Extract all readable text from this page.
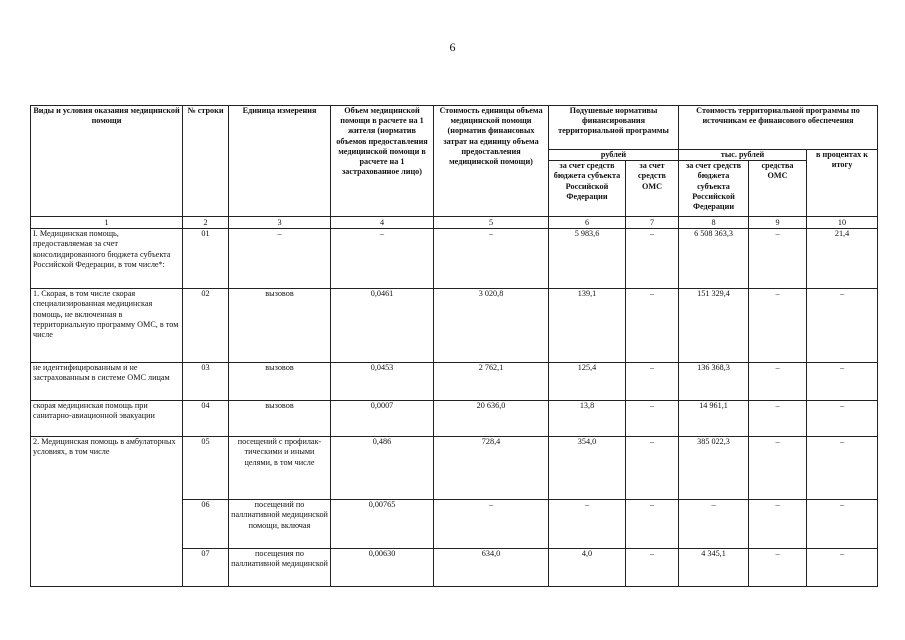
6
Виды и условия оказания медицинской помощи	№ строки	Единица измерения	Объем медицинской помощи в расчете на 1 жителя (норматив объемов предоставления медицинской помощи в расчете на 1 застрахованное лицо)	Стоимость единицы объема медицинской помощи (норматив финансовых затрат на единицу объема предоставления медицинской помощи)	Подушевые нормативы финансирования территориальной программы		Стоимость территориальной программы по источникам ее финансового обеспечения		
					рублей		тыс. рублей		в процентах к итогу
					за счет средств бюджета субъекта Российской Федерации	за счет средств ОМС	за счет средств бюджета субъекта Российской Федерации	средства ОМС	
1	2	3	4	5	6	7	8	9	10
I. Медицинская помощь, предоставляемая за счет консолидированного бюджета субъекта Российской Федерации, в том числе*:	01	–	–	–	5 983,6	–	6 508 363,3	–	21,4
1. Скорая, в том числе скорая специализированная медицинская помощь, не включенная в территориальную программу ОМС, в том числе	02	вызовов	0,0461	3 020,8	139,1	–	151 329,4	–	–
не идентифицированным и не застрахованным в системе ОМС лицам	03	вызовов	0,0453	2 762,1	125,4	–	136 368,3	–	–
скорая медицинская помощь при санитарно-авиационной эвакуации	04	вызовов	0,0007	20 636,0	13,8	–	14 961,1	–	–
2. Медицинская помощь в амбулаторных условиях, в том числе	05	посещений с профилак-тическими и иными целями, в том числе	0,486	728,4	354,0	–	385 022,3	–	–
	06	посещений по паллиативной медицинской помощи, включая	0,00765	–	–	–	–	–	–
	07	посещения по паллиативной медицинской	0,00630	634,0	4,0	–	4 345,1	–	–
